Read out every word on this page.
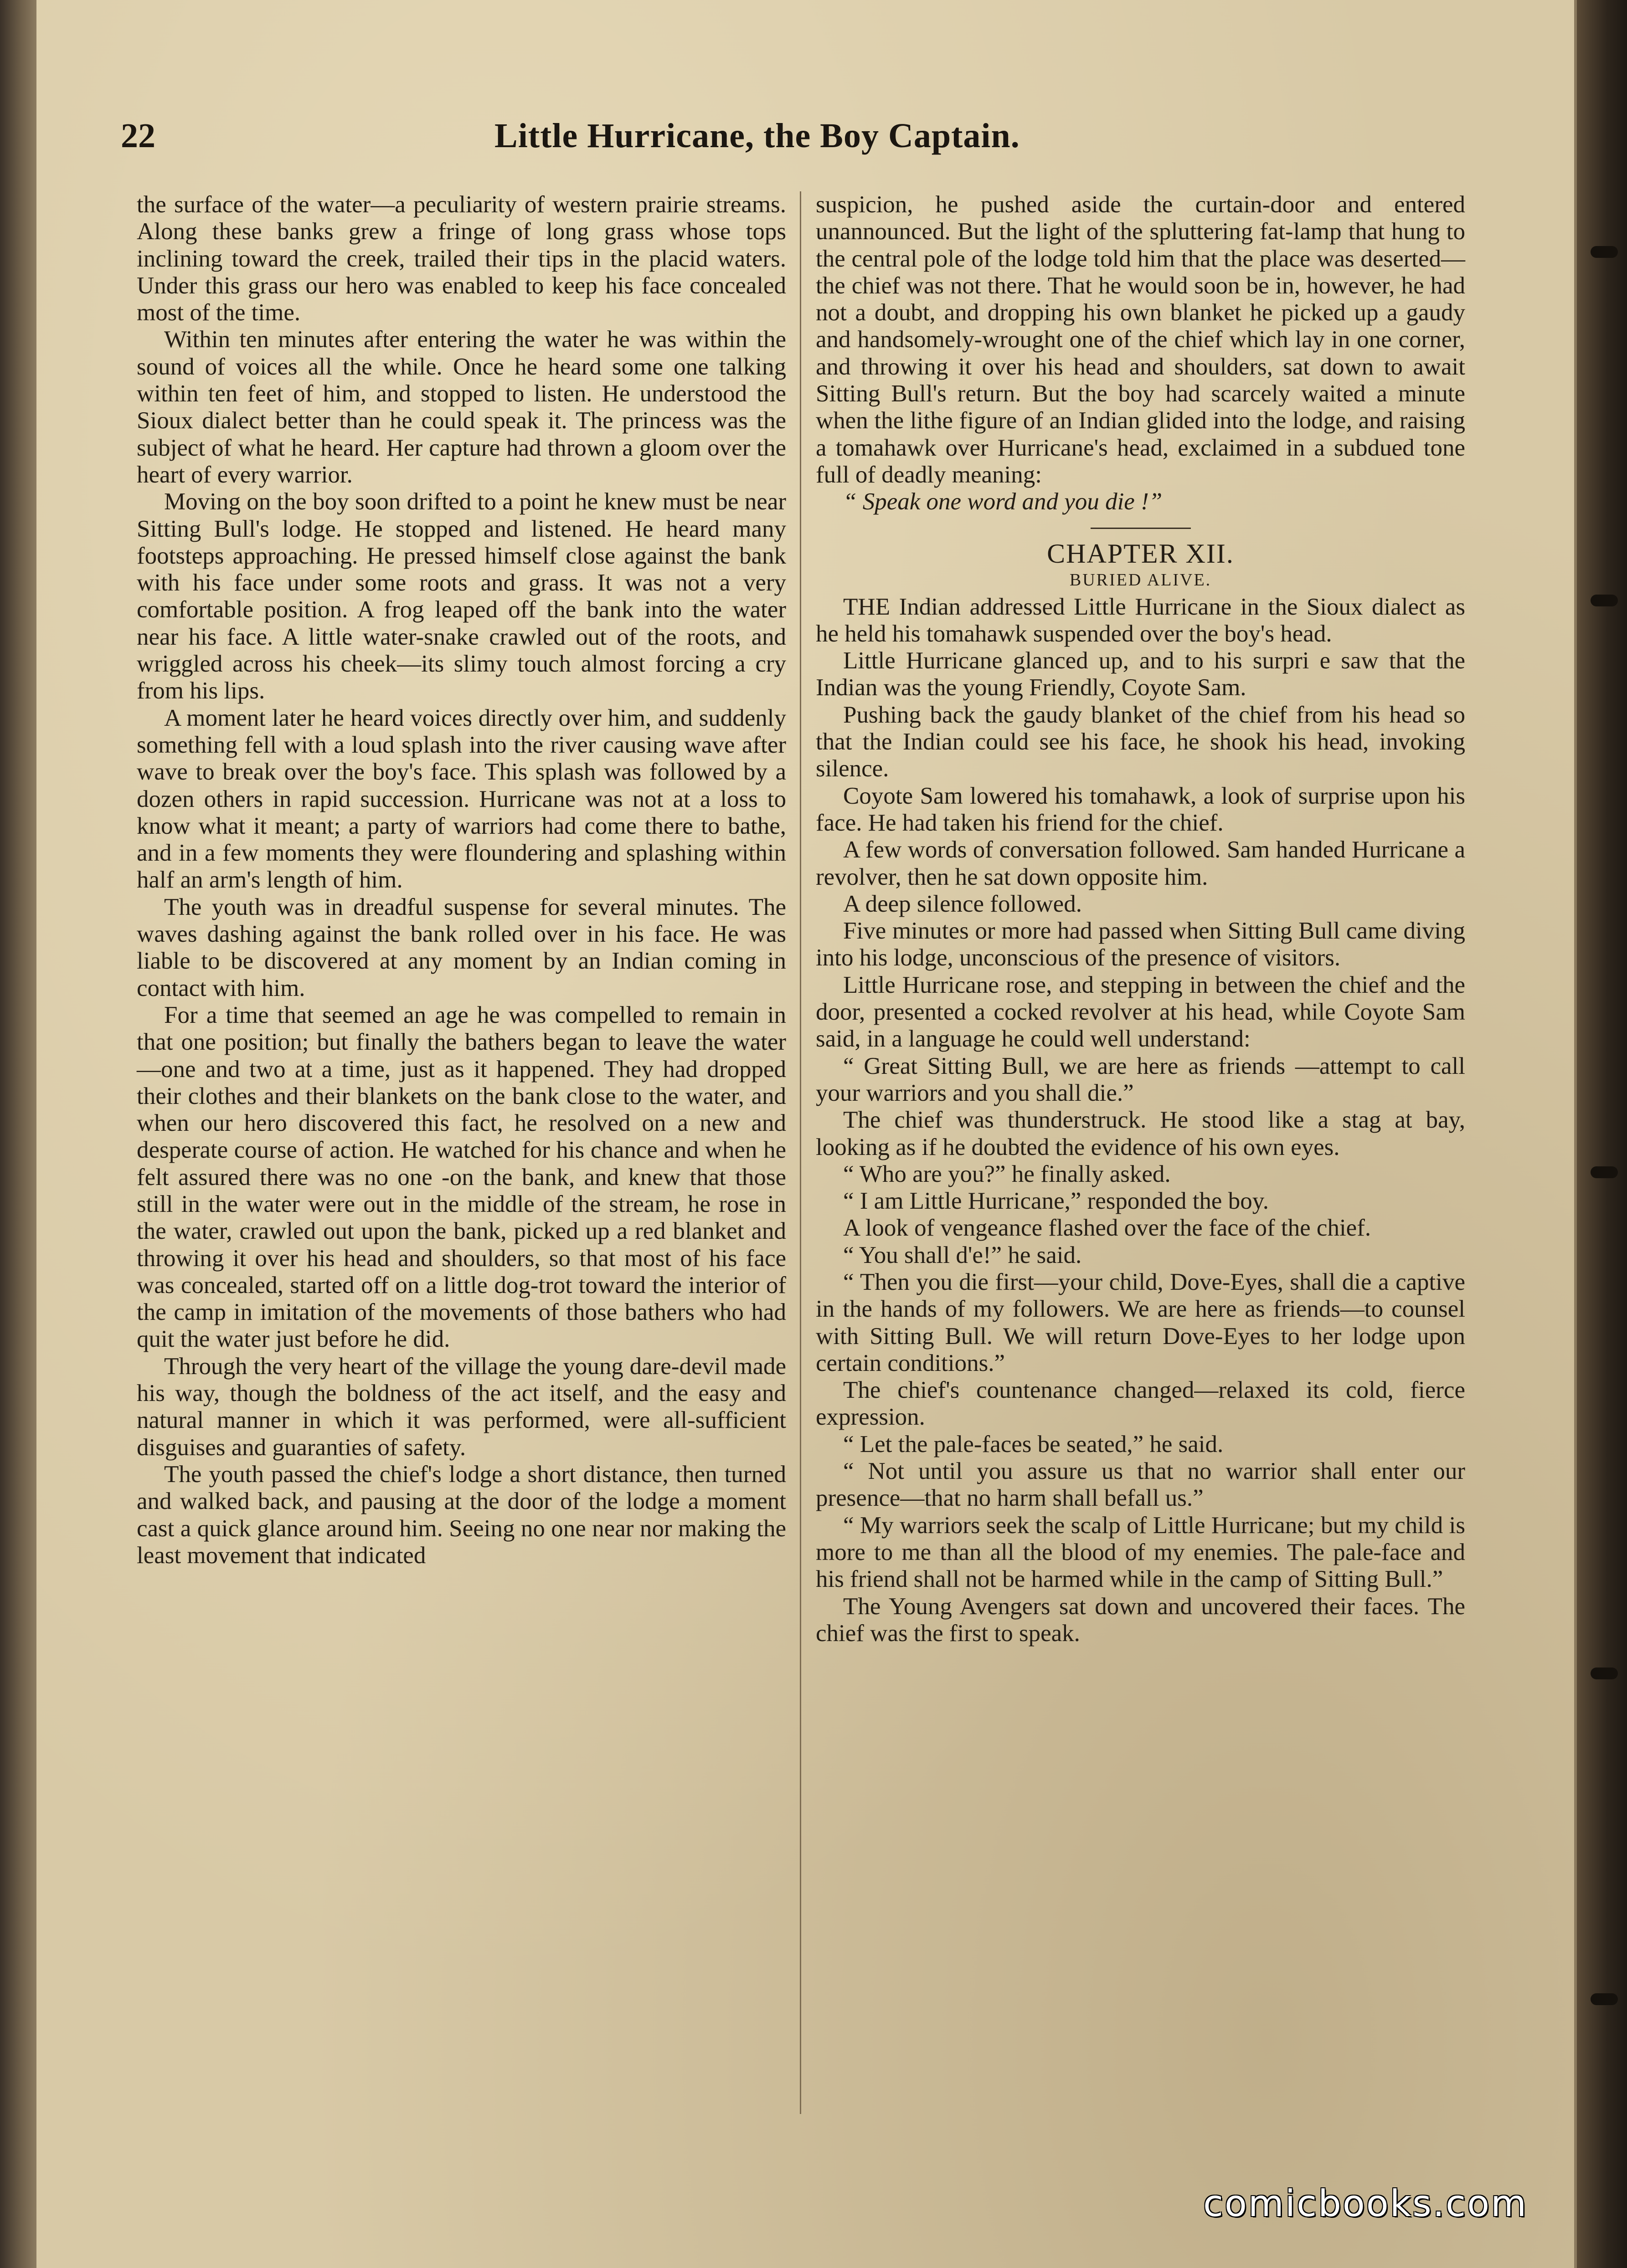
22	Little Hurricane, the Boy Captain.

the surface of the water—a peculiarity of western prairie streams. Along these banks grew a fringe of long grass whose tops inclining toward the creek, trailed their tips in the placid waters. Under this grass our hero was enabled to keep his face concealed most of the time.

Within ten minutes after entering the water he was within the sound of voices all the while. Once he heard some one talking within ten feet of him, and stopped to listen. He understood the Sioux dialect better than he could speak it. The princess was the subject of what he heard. Her capture had thrown a gloom over the heart of every warrior.

Moving on the boy soon drifted to a point he knew must be near Sitting Bull's lodge. He stopped and listened. He heard many footsteps approaching. He pressed himself close against the bank with his face under some roots and grass. It was not a very comfortable position. A frog leaped off the bank into the water near his face. A little water-snake crawled out of the roots, and wriggled across his cheek—its slimy touch almost forcing a cry from his lips.

A moment later he heard voices directly over him, and suddenly something fell with a loud splash into the river causing wave after wave to break over the boy's face. This splash was followed by a dozen others in rapid succession. Hurricane was not at a loss to know what it meant; a party of warriors had come there to bathe, and in a few moments they were floundering and splashing within half an arm's length of him.

The youth was in dreadful suspense for several minutes. The waves dashing against the bank rolled over in his face. He was liable to be discovered at any moment by an Indian coming in contact with him.

For a time that seemed an age he was compelled to remain in that one position; but finally the bathers began to leave the water—one and two at a time, just as it happened. They had dropped their clothes and their blankets on the bank close to the water, and when our hero discovered this fact, he resolved on a new and desperate course of action. He watched for his chance and when he felt assured there was no one -on the bank, and knew that those still in the water were out in the middle of the stream, he rose in the water, crawled out upon the bank, picked up a red blanket and throwing it over his head and shoulders, so that most of his face was concealed, started off on a little dog-trot toward the interior of the camp in imitation of the movements of those bathers who had quit the water just before he did.

Through the very heart of the village the young dare-devil made his way, though the boldness of the act itself, and the easy and natural manner in which it was performed, were all-sufficient disguises and guaranties of safety.

The youth passed the chief's lodge a short distance, then turned and walked back, and pausing at the door of the lodge a moment cast a quick glance around him. Seeing no one near nor making the least movement that indicated

suspicion, he pushed aside the curtain-door and entered unannounced. But the light of the spluttering fat-lamp that hung to the central pole of the lodge told him that the place was deserted—the chief was not there. That he would soon be in, however, he had not a doubt, and dropping his own blanket he picked up a gaudy and handsomely-wrought one of the chief which lay in one corner, and throwing it over his head and shoulders, sat down to await Sitting Bull's return. But the boy had scarcely waited a minute when the lithe figure of an Indian glided into the lodge, and raising a tomahawk over Hurricane's head, exclaimed in a subdued tone full of deadly meaning:

“ Speak one word and you die !”

CHAPTER XII.

BURIED ALIVE.

THE Indian addressed Little Hurricane in the Sioux dialect as he held his tomahawk suspended over the boy's head.

Little Hurricane glanced up, and to his surpri e saw that the Indian was the young Friendly, Coyote Sam.

Pushing back the gaudy blanket of the chief from his head so that the Indian could see his face, he shook his head, invoking silence.

Coyote Sam lowered his tomahawk, a look of surprise upon his face. He had taken his friend for the chief.

A few words of conversation followed. Sam handed Hurricane a revolver, then he sat down opposite him.

A deep silence followed.

Five minutes or more had passed when Sitting Bull came diving into his lodge, unconscious of the presence of visitors.

Little Hurricane rose, and stepping in between the chief and the door, presented a cocked revolver at his head, while Coyote Sam said, in a language he could well understand:

“ Great Sitting Bull, we are here as friends —attempt to call your warriors and you shall die.”

The chief was thunderstruck. He stood like a stag at bay, looking as if he doubted the evidence of his own eyes.

“ Who are you?” he finally asked.

“ I am Little Hurricane,” responded the boy.

A look of vengeance flashed over the face of the chief.

“ You shall d'e!” he said.

“ Then you die first—your child, Dove-Eyes, shall die a captive in the hands of my followers. We are here as friends—to counsel with Sitting Bull. We will return Dove-Eyes to her lodge upon certain conditions.”

The chief's countenance changed—relaxed its cold, fierce expression.

“ Let the pale-faces be seated,” he said.

“ Not until you assure us that no warrior shall enter our presence—that no harm shall befall us.”

“ My warriors seek the scalp of Little Hurricane; but my child is more to me than all the blood of my enemies. The pale-face and his friend shall not be harmed while in the camp of Sitting Bull.”

The Young Avengers sat down and uncovered their faces. The chief was the first to speak.

comicbooks.com
